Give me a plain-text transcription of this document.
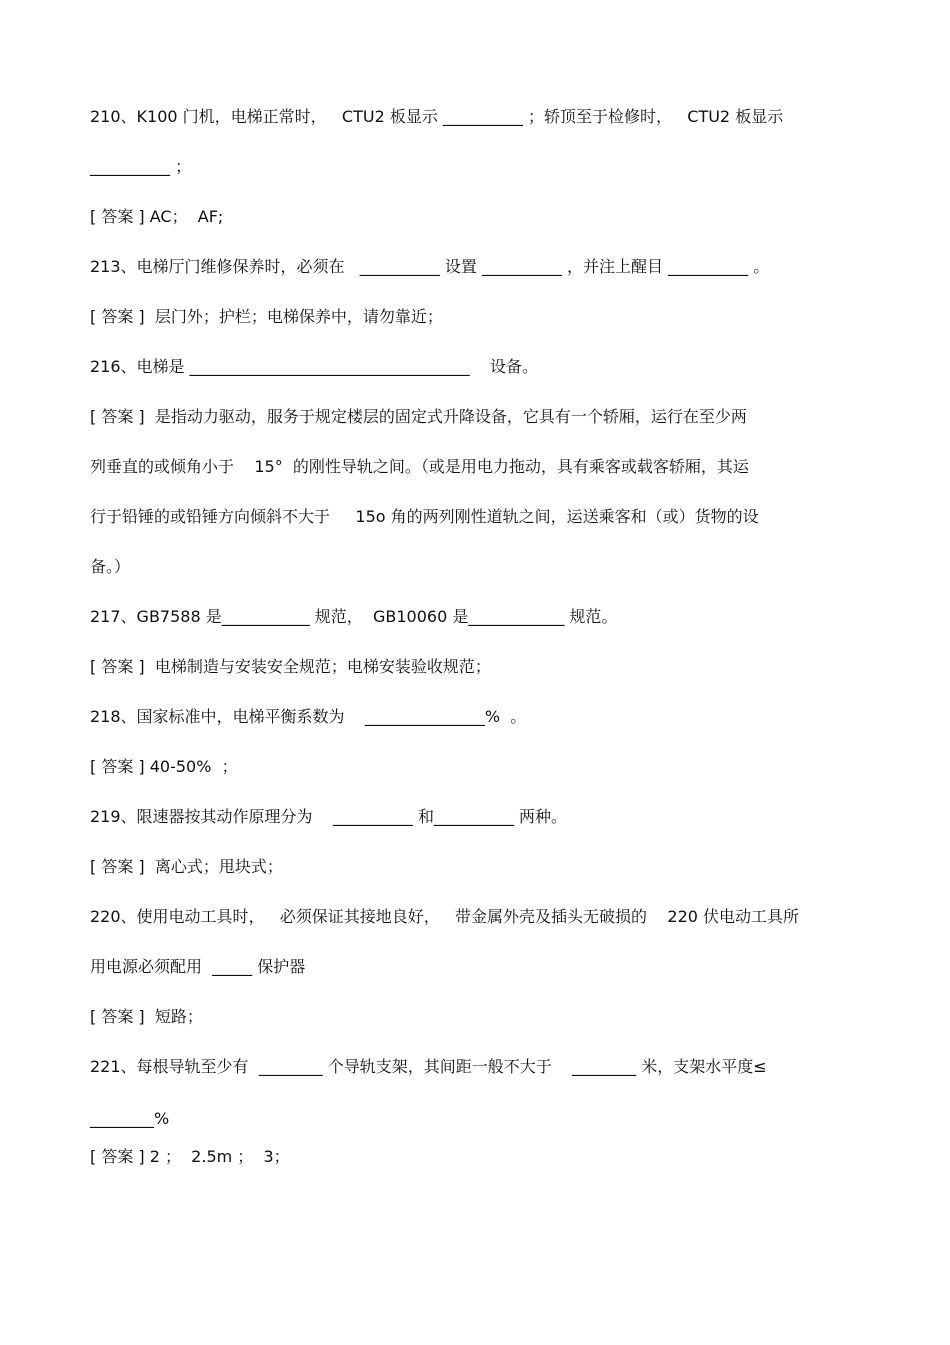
210、K100 门机，电梯正常时，   CTU2 板显示 __________ ；轿顶至于检修时，   CTU2 板显示
__________ ；
[ 答案 ] AC；  AF;
213、电梯厅门维修保养时，必须在   __________ 设置 __________ ，并注上醒目 __________ 。
[ 答案 ]  层门外；护栏；电梯保养中，请勿靠近；
216、电梯是 ___________________________________    设备。
[ 答案 ]  是指动力驱动，服务于规定楼层的固定式升降设备，它具有一个轿厢，运行在至少两
列垂直的或倾角小于    15°  的刚性导轨之间。（或是用电力拖动，具有乘客或载客轿厢，其运
行于铅锤的或铅锤方向倾斜不大于     15o 角的两列刚性道轨之间，运送乘客和（或）货物的设
备。）
217、GB7588 是___________ 规范，  GB10060 是____________ 规范。
[ 答案 ]  电梯制造与安装安全规范；电梯安装验收规范；
218、国家标准中，电梯平衡系数为    _______________%  。
[ 答案 ] 40-50%  ；
219、限速器按其动作原理分为    __________ 和__________ 两种。
[ 答案 ]  离心式；甩块式；
220、使用电动工具时，   必须保证其接地良好，   带金属外壳及插头无破损的    220 伏电动工具所
用电源必须配用  _____ 保护器
[ 答案 ]  短路；
221、每根导轨至少有  ________ 个导轨支架，其间距一般不大于    ________ 米，支架水平度≤
________%
[ 答案 ] 2 ；  2.5m ；  3；
